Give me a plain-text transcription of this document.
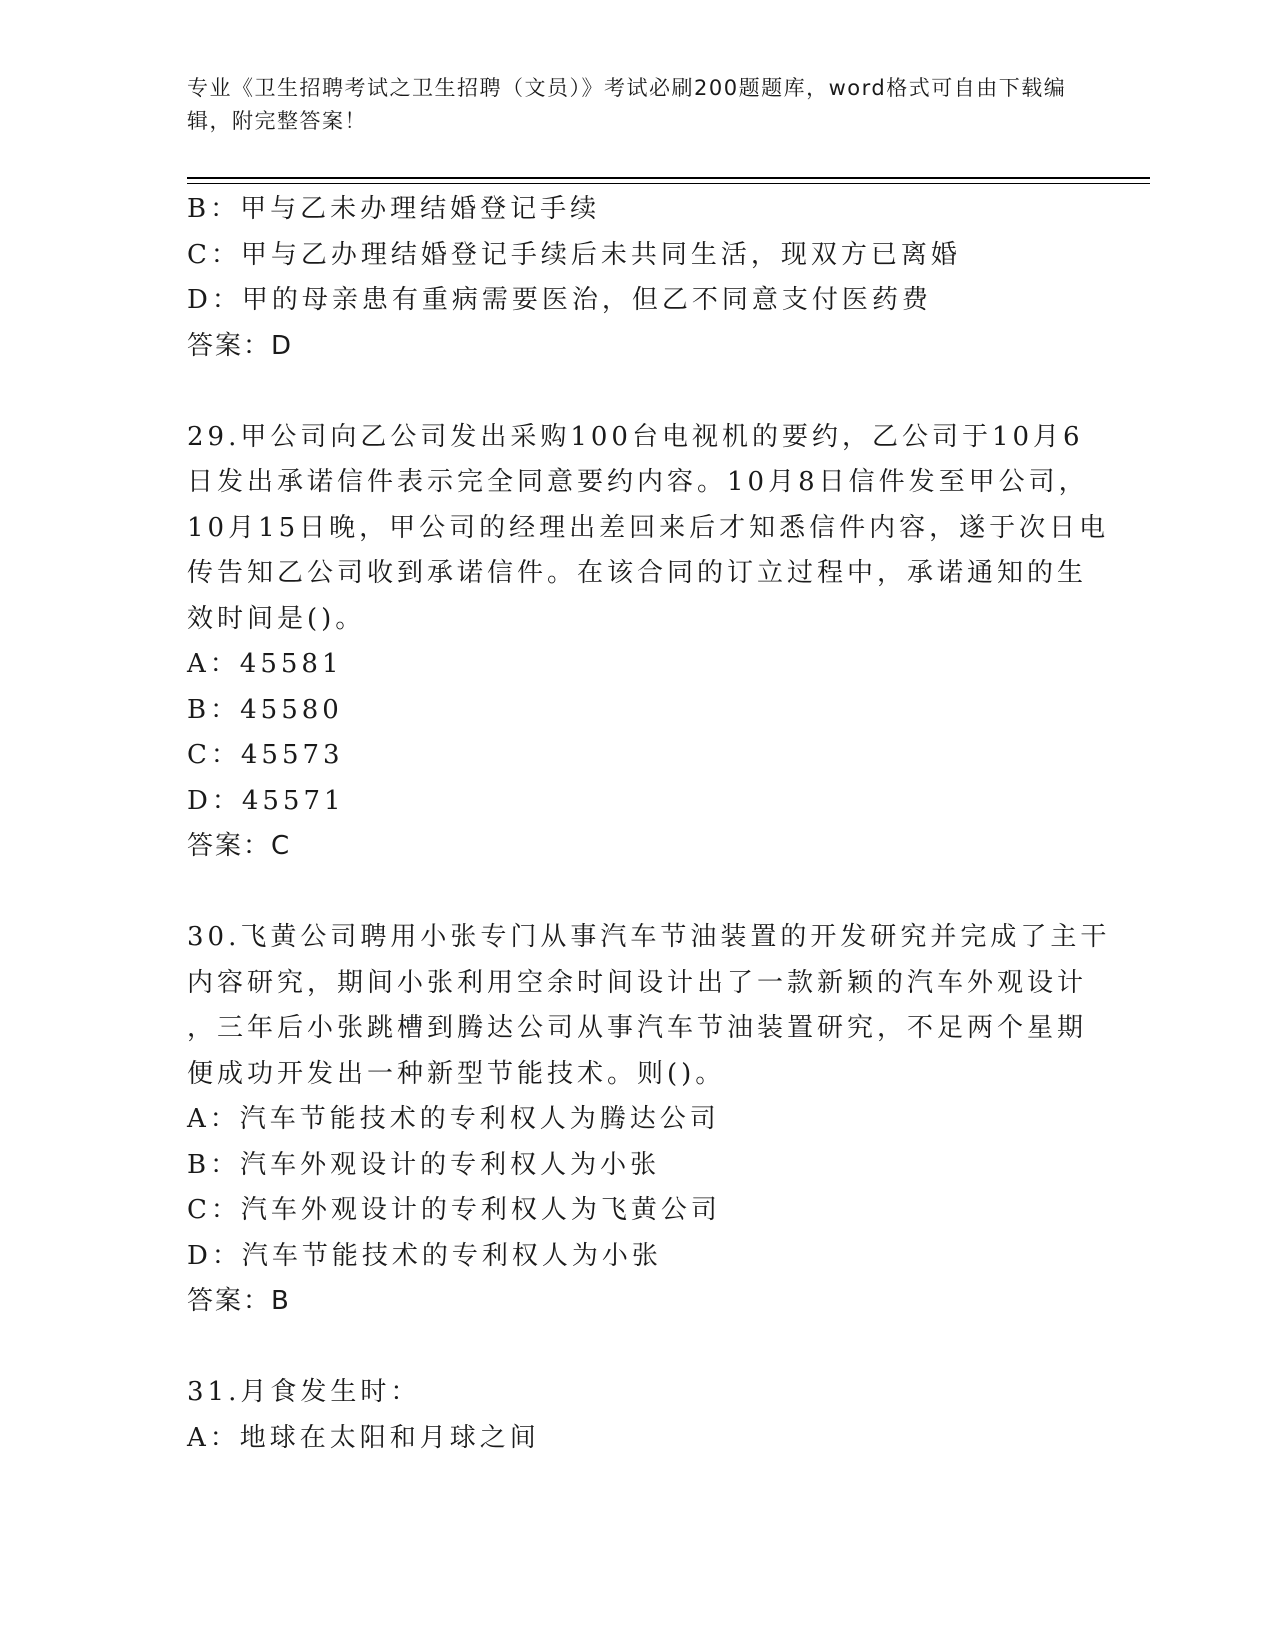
专业《卫生招聘考试之卫生招聘（文员）》考试必刷200题题库，word格式可自由下载编辑，附完整答案！

B：甲与乙未办理结婚登记手续

C：甲与乙办理结婚登记手续后未共同生活，现双方已离婚

D：甲的母亲患有重病需要医治，但乙不同意支付医药费

答案：D

29.甲公司向乙公司发出采购100台电视机的要约，乙公司于10月6

日发出承诺信件表示完全同意要约内容。10月8日信件发至甲公司，

10月15日晚，甲公司的经理出差回来后才知悉信件内容，遂于次日电

传告知乙公司收到承诺信件。在该合同的订立过程中，承诺通知的生

效时间是()。

A：45581

B：45580

C：45573

D：45571

答案：C

30.飞黄公司聘用小张专门从事汽车节油装置的开发研究并完成了主干

内容研究，期间小张利用空余时间设计出了一款新颖的汽车外观设计

，三年后小张跳槽到腾达公司从事汽车节油装置研究，不足两个星期

便成功开发出一种新型节能技术。则()。

A：汽车节能技术的专利权人为腾达公司

B：汽车外观设计的专利权人为小张

C：汽车外观设计的专利权人为飞黄公司

D：汽车节能技术的专利权人为小张

答案：B

31.月食发生时：

A：地球在太阳和月球之间
